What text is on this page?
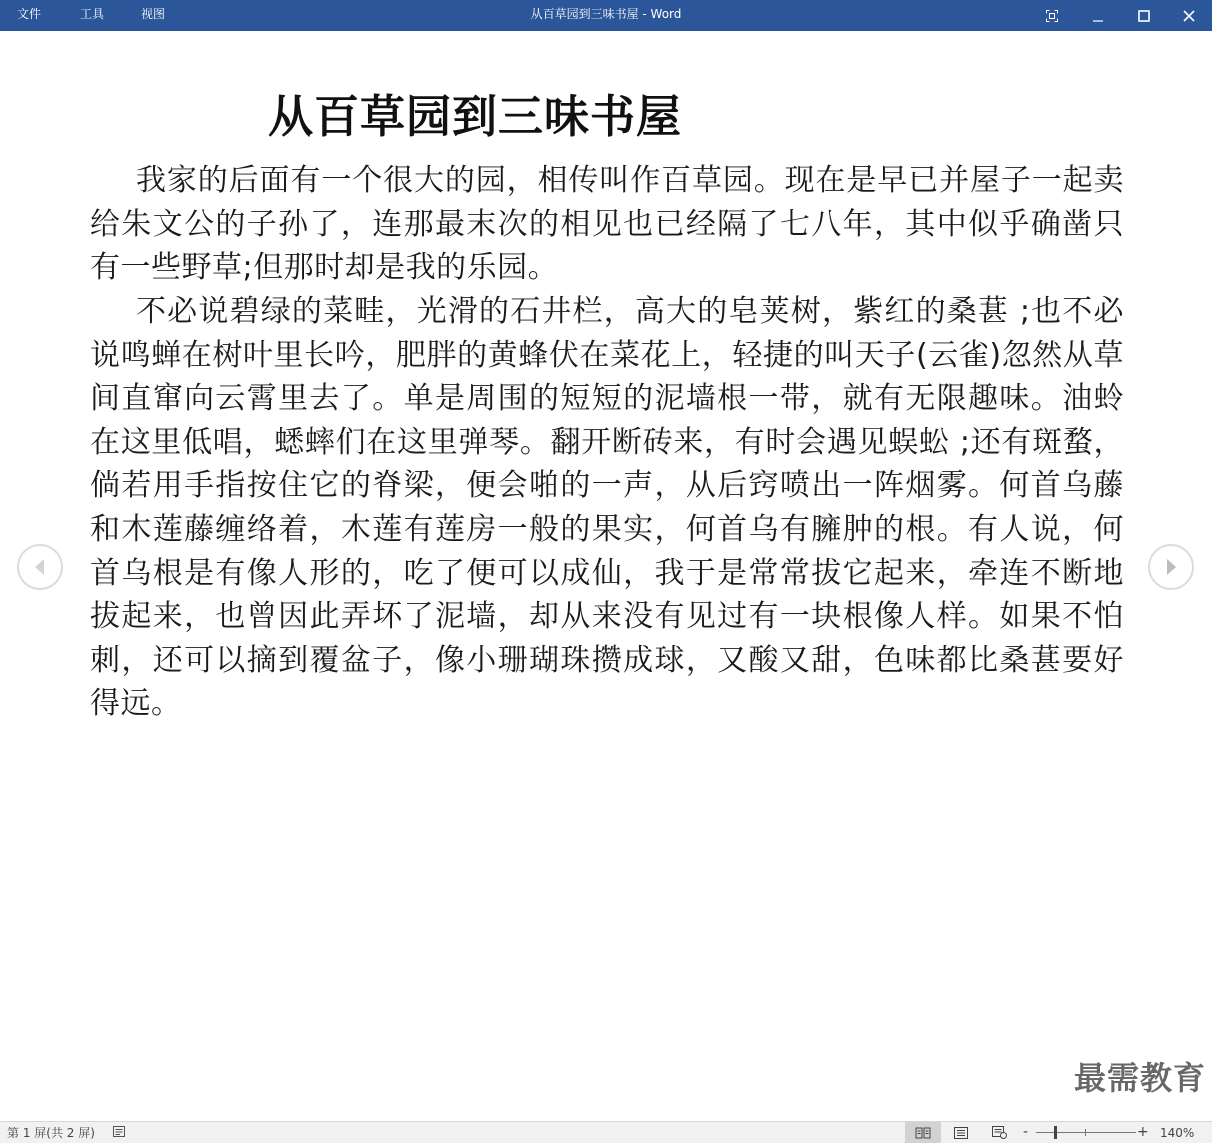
文件	工具	视图	从百草园到三味书屋 - Word
从百草园到三味书屋

我家的后面有一个很大的园，相传叫作百草园。现在是早已并屋子一起卖给朱文公的子孙了，连那最末次的相见也已经隔了七八年，其中似乎确凿只有一些野草;但那时却是我的乐园。

不必说碧绿的菜畦，光滑的石井栏，高大的皂荚树，紫红的桑葚 ;也不必说鸣蝉在树叶里长吟，肥胖的黄蜂伏在菜花上，轻捷的叫天子(云雀)忽然从草间直窜向云霄里去了。单是周围的短短的泥墙根一带，就有无限趣味。油蛉在这里低唱，蟋蟀们在这里弹琴。翻开断砖来，有时会遇见蜈蚣 ;还有斑蝥，倘若用手指按住它的脊梁，便会啪的一声，从后窍喷出一阵烟雾。何首乌藤和木莲藤缠络着，木莲有莲房一般的果实，何首乌有臃肿的根。有人说，何首乌根是有像人形的，吃了便可以成仙，我于是常常拔它起来，牵连不断地拔起来，也曾因此弄坏了泥墙，却从来没有见过有一块根像人样。如果不怕刺，还可以摘到覆盆子，像小珊瑚珠攒成球，又酸又甜，色味都比桑葚要好得远。

最需教育
第 1 屏(共 2 屏)	-	+ 140%
